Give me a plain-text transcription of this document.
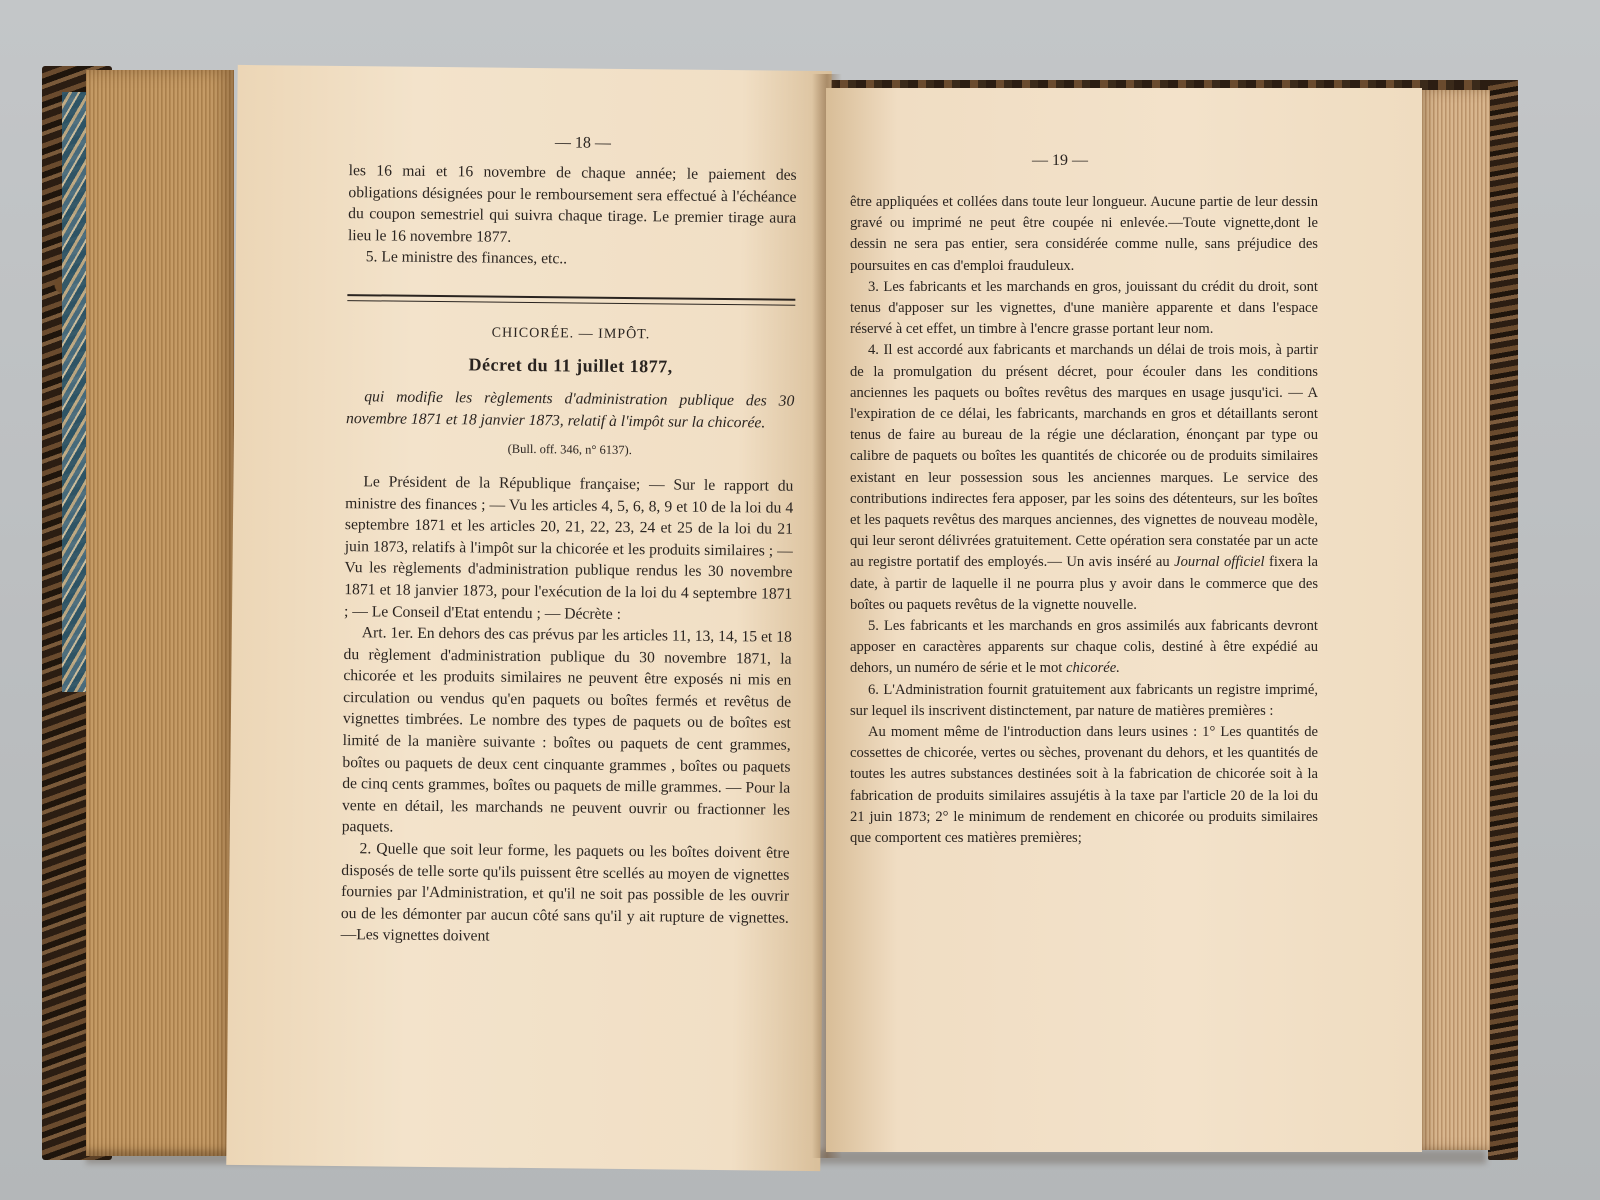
— 18 —

les 16 mai et 16 novembre de chaque année; le paiement des obligations désignées pour le remboursement sera effectué à l'échéance du coupon semestriel qui suivra chaque tirage. Le premier tirage aura lieu le 16 novembre 1877.

5. Le ministre des finances, etc..

CHICORÉE. — IMPÔT.
Décret du 11 juillet 1877,

qui modifie les règlements d'administration publique des 30 novembre 1871 et 18 janvier 1873, relatif à l'impôt sur la chicorée.

(Bull. off. 346, n° 6137).

Le Président de la République française; — Sur le rapport du ministre des finances ; — Vu les articles 4, 5, 6, 8, 9 et 10 de la loi du 4 septembre 1871 et les articles 20, 21, 22, 23, 24 et 25 de la loi du 21 juin 1873, relatifs à l'impôt sur la chicorée et les produits similaires ; — Vu les règlements d'administration publique rendus les 30 novembre 1871 et 18 janvier 1873, pour l'exécution de la loi du 4 septembre 1871 ; — Le Conseil d'Etat entendu ; — Décrète :

Art. 1er. En dehors des cas prévus par les articles 11, 13, 14, 15 et 18 du règlement d'administration publique du 30 novembre 1871, la chicorée et les produits similaires ne peuvent être exposés ni mis en circulation ou vendus qu'en paquets ou boîtes fermés et revêtus de vignettes timbrées. Le nombre des types de paquets ou de boîtes est limité de la manière suivante : boîtes ou paquets de cent grammes, boîtes ou paquets de deux cent cinquante grammes , boîtes ou paquets de cinq cents grammes, boîtes ou paquets de mille grammes. — Pour la vente en détail, les marchands ne peuvent ouvrir ou fractionner les paquets.

2. Quelle que soit leur forme, les paquets ou les boîtes doivent être disposés de telle sorte qu'ils puissent être scellés au moyen de vignettes fournies par l'Administration, et qu'il ne soit pas possible de les ouvrir ou de les démonter par aucun côté sans qu'il y ait rupture de vignettes.—Les vignettes doivent

— 19 —

être appliquées et collées dans toute leur longueur. Aucune partie de leur dessin gravé ou imprimé ne peut être coupée ni enlevée.—Toute vignette,dont le dessin ne sera pas entier, sera considérée comme nulle, sans préjudice des poursuites en cas d'emploi frauduleux.

3. Les fabricants et les marchands en gros, jouissant du crédit du droit, sont tenus d'apposer sur les vignettes, d'une manière apparente et dans l'espace réservé à cet effet, un timbre à l'encre grasse portant leur nom.

4. Il est accordé aux fabricants et marchands un délai de trois mois, à partir de la promulgation du présent décret, pour écouler dans les conditions anciennes les paquets ou boîtes revêtus des marques en usage jusqu'ici. — A l'expiration de ce délai, les fabricants, marchands en gros et détaillants seront tenus de faire au bureau de la régie une déclaration, énonçant par type ou calibre de paquets ou boîtes les quantités de chicorée ou de produits similaires existant en leur possession sous les anciennes marques. Le service des contributions indirectes fera apposer, par les soins des détenteurs, sur les boîtes et les paquets revêtus des marques anciennes, des vignettes de nouveau modèle, qui leur seront délivrées gratuitement. Cette opération sera constatée par un acte au registre portatif des employés.— Un avis inséré au Journal officiel fixera la date, à partir de laquelle il ne pourra plus y avoir dans le commerce que des boîtes ou paquets revêtus de la vignette nouvelle.

5. Les fabricants et les marchands en gros assimilés aux fabricants devront apposer en caractères apparents sur chaque colis, destiné à être expédié au dehors, un numéro de série et le mot chicorée.

6. L'Administration fournit gratuitement aux fabricants un registre imprimé, sur lequel ils inscrivent distinctement, par nature de matières premières :

Au moment même de l'introduction dans leurs usines : 1° Les quantités de cossettes de chicorée, vertes ou sèches, provenant du dehors, et les quantités de toutes les autres substances destinées soit à la fabrication de chicorée soit à la fabrication de produits similaires assujétis à la taxe par l'article 20 de la loi du 21 juin 1873; 2° le minimum de rendement en chicorée ou produits similaires que comportent ces matières premières;
